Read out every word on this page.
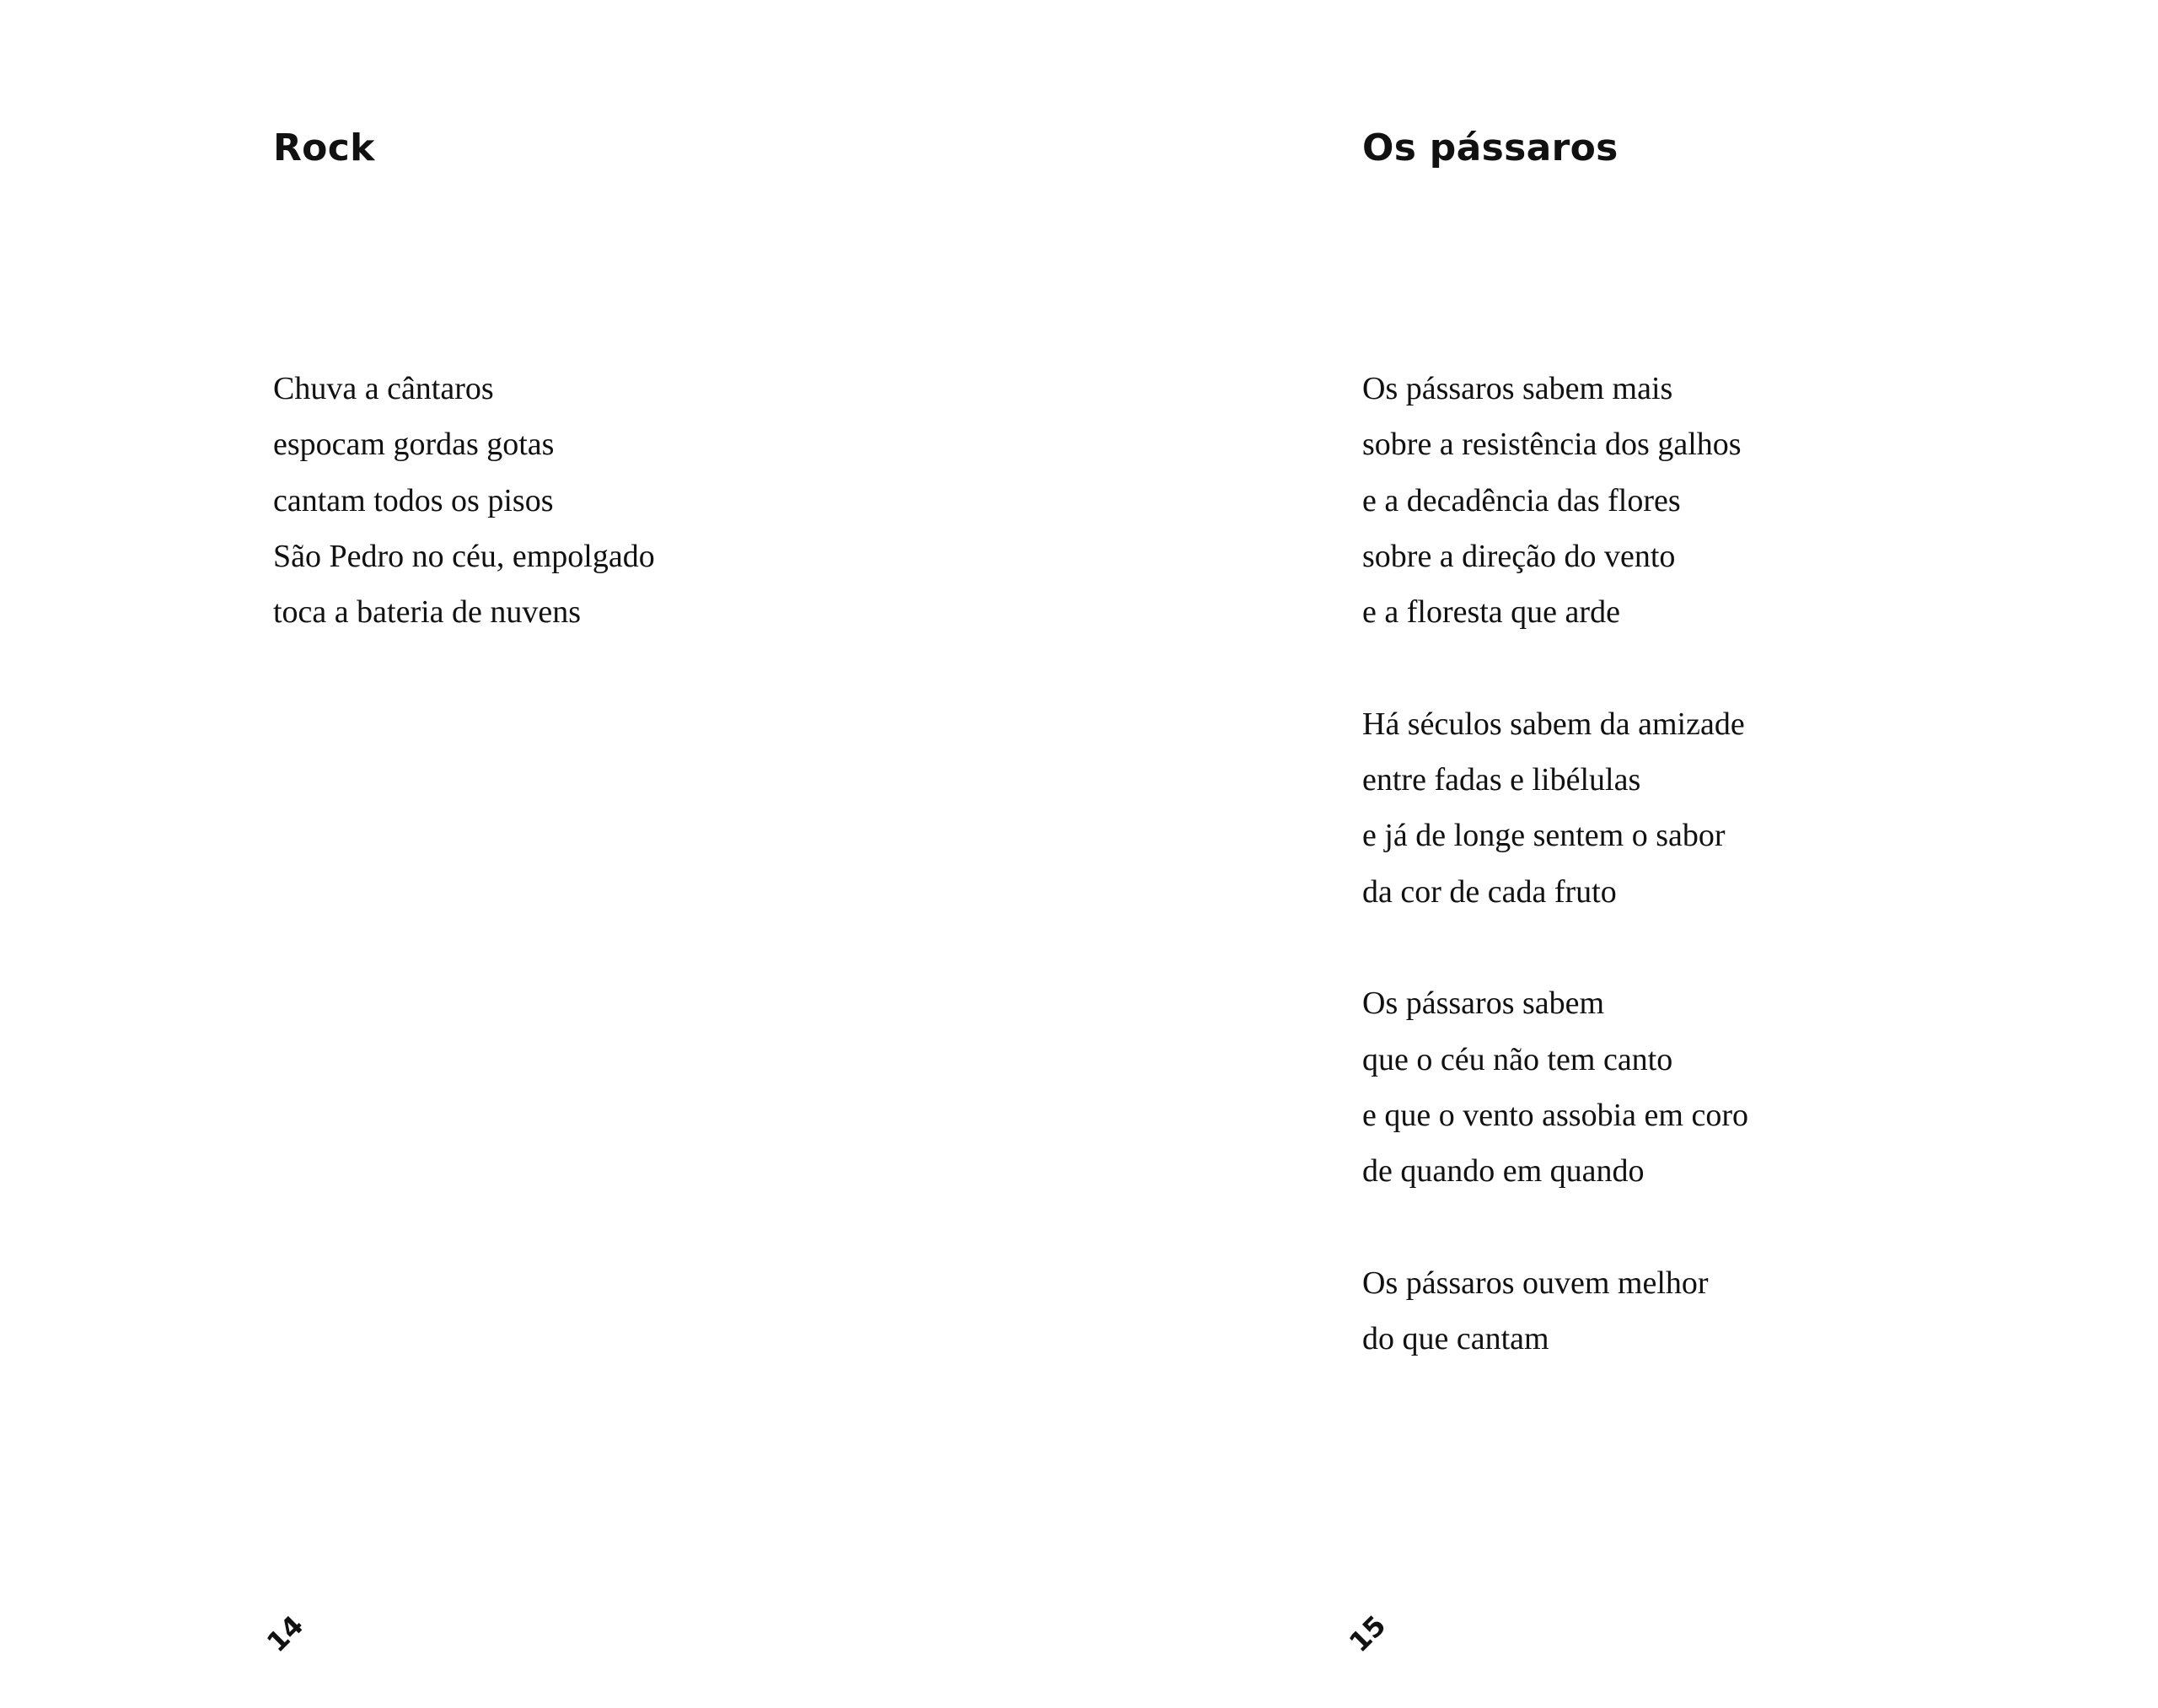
Rock
Chuva a cântaros
espocam gordas gotas
cantam todos os pisos
São Pedro no céu, empolgado
toca a bateria de nuvens
14
Os pássaros
Os pássaros sabem mais
sobre a resistência dos galhos
e a decadência das flores
sobre a direção do vento
e a floresta que arde
Há séculos sabem da amizade
entre fadas e libélulas
e já de longe sentem o sabor
da cor de cada fruto
Os pássaros sabem
que o céu não tem canto
e que o vento assobia em coro
de quando em quando
Os pássaros ouvem melhor
do que cantam
15
